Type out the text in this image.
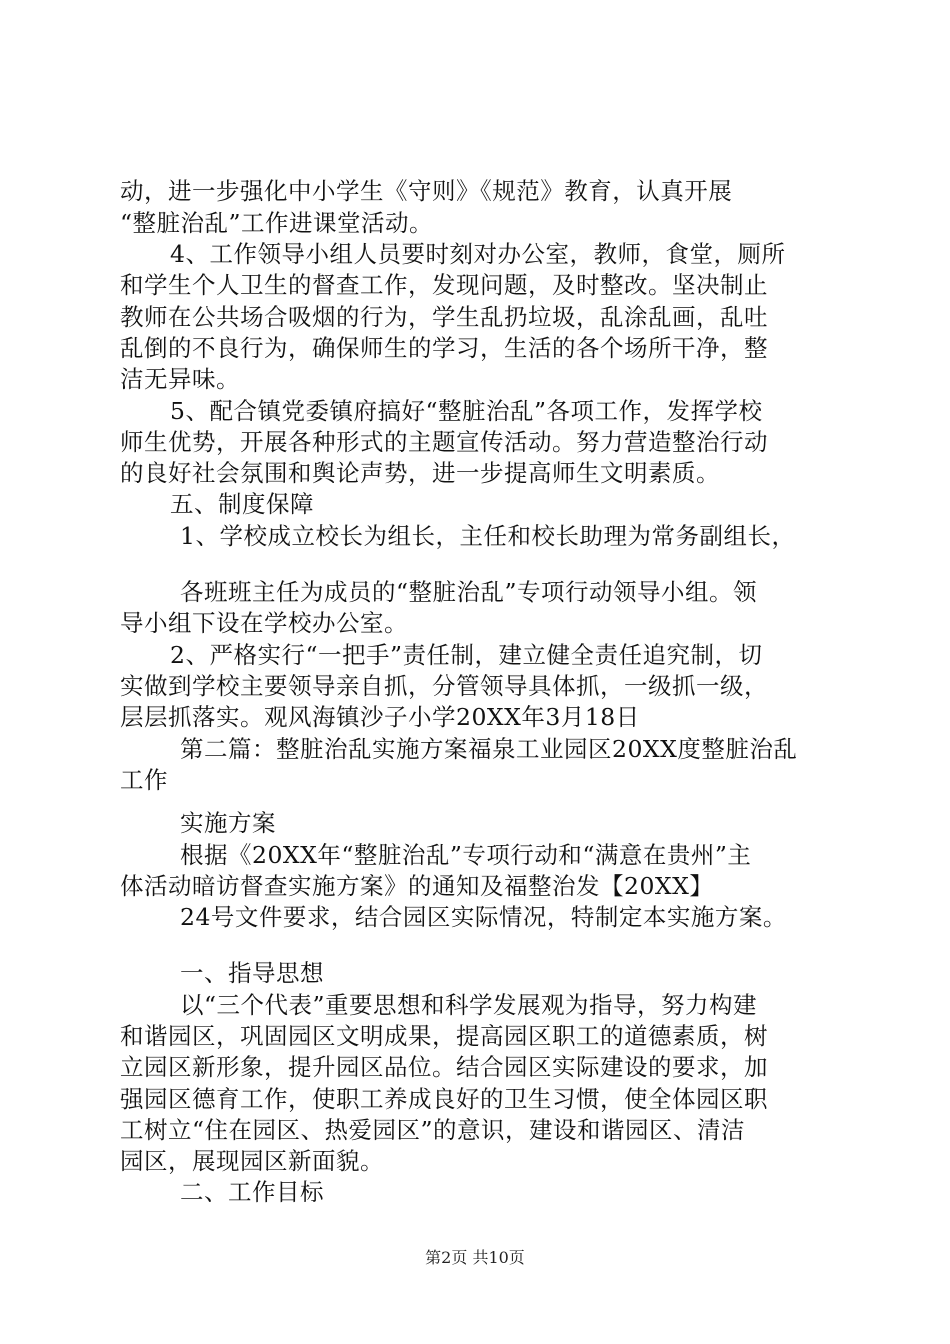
动，进一步强化中小学生《守则》《规范》教育，认真开展
“整脏治乱”工作进课堂活动。
4、工作领导小组人员要时刻对办公室，教师，食堂，厕所
和学生个人卫生的督查工作，发现问题，及时整改。坚决制止
教师在公共场合吸烟的行为，学生乱扔垃圾，乱涂乱画，乱吐
乱倒的不良行为，确保师生的学习，生活的各个场所干净，整
洁无异味。
5、配合镇党委镇府搞好“整脏治乱”各项工作，发挥学校
师生优势，开展各种形式的主题宣传活动。努力营造整治行动
的良好社会氛围和舆论声势，进一步提高师生文明素质。
五、制度保障
1、学校成立校长为组长，主任和校长助理为常务副组长，
各班班主任为成员的“整脏治乱”专项行动领导小组。领
导小组下设在学校办公室。
2、严格实行“一把手”责任制，建立健全责任追究制，切
实做到学校主要领导亲自抓，分管领导具体抓，一级抓一级，
层层抓落实。观风海镇沙子小学20XX年3月18日
第二篇：整脏治乱实施方案福泉工业园区20XX度整脏治乱
工作
实施方案
根据《20XX年“整脏治乱”专项行动和“满意在贵州”主
体活动暗访督查实施方案》的通知及福整治发【20XX】
24号文件要求，结合园区实际情况，特制定本实施方案。
一、指导思想
以“三个代表”重要思想和科学发展观为指导，努力构建
和谐园区，巩固园区文明成果，提高园区职工的道德素质，树
立园区新形象，提升园区品位。结合园区实际建设的要求，加
强园区德育工作，使职工养成良好的卫生习惯，使全体园区职
工树立“住在园区、热爱园区”的意识，建设和谐园区、清洁
园区，展现园区新面貌。
二、工作目标
第2页 共10页
